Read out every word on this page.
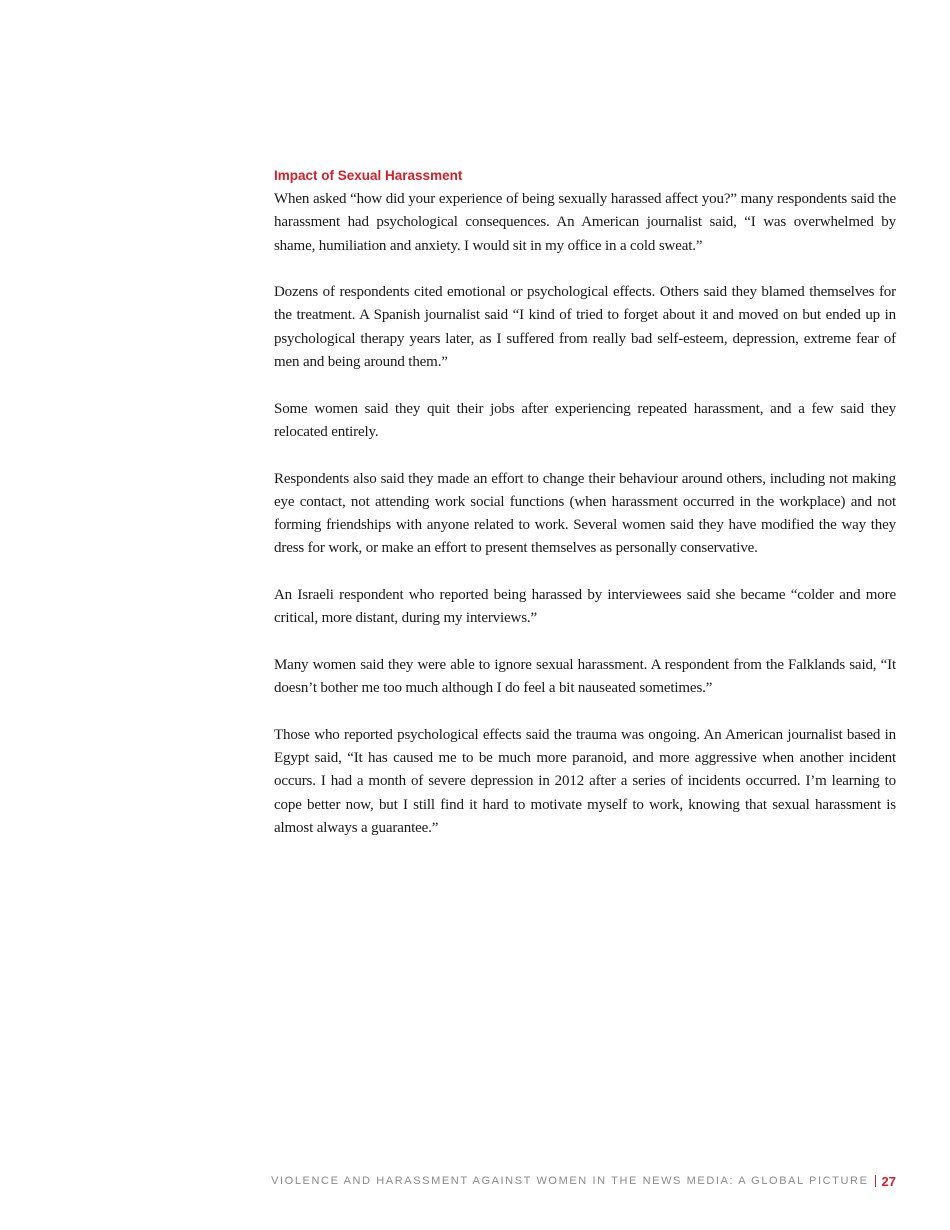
Impact of Sexual Harassment

When asked “how did your experience of being sexually harassed affect you?” many respondents said the harassment had psychological consequences. An American journalist said, “I was overwhelmed by shame, humiliation and anxiety. I would sit in my office in a cold sweat.”

Dozens of respondents cited emotional or psychological effects. Others said they blamed themselves for the treatment. A Spanish journalist said “I kind of tried to forget about it and moved on but ended up in psychological therapy years later, as I suffered from really bad self-esteem, depression, extreme fear of men and being around them.”

Some women said they quit their jobs after experiencing repeated harassment, and a few said they relocated entirely.

Respondents also said they made an effort to change their behaviour around others, including not making eye contact, not attending work social functions (when harassment occurred in the workplace) and not forming friendships with anyone related to work. Several women said they have modified the way they dress for work, or make an effort to present themselves as personally conservative.

An Israeli respondent who reported being harassed by interviewees said she became “colder and more critical, more distant, during my interviews.”

Many women said they were able to ignore sexual harassment. A respondent from the Falklands said, “It doesn’t bother me too much although I do feel a bit nauseated sometimes.”

Those who reported psychological effects said the trauma was ongoing. An American journalist based in Egypt said, “It has caused me to be much more paranoid, and more aggressive when another incident occurs. I had a month of severe depression in 2012 after a series of incidents occurred. I’m learning to cope better now, but I still find it hard to motivate myself to work, knowing that sexual harassment is almost always a guarantee.”

VIOLENCE AND HARASSMENT AGAINST WOMEN IN THE NEWS MEDIA: A GLOBAL PICTURE 27
